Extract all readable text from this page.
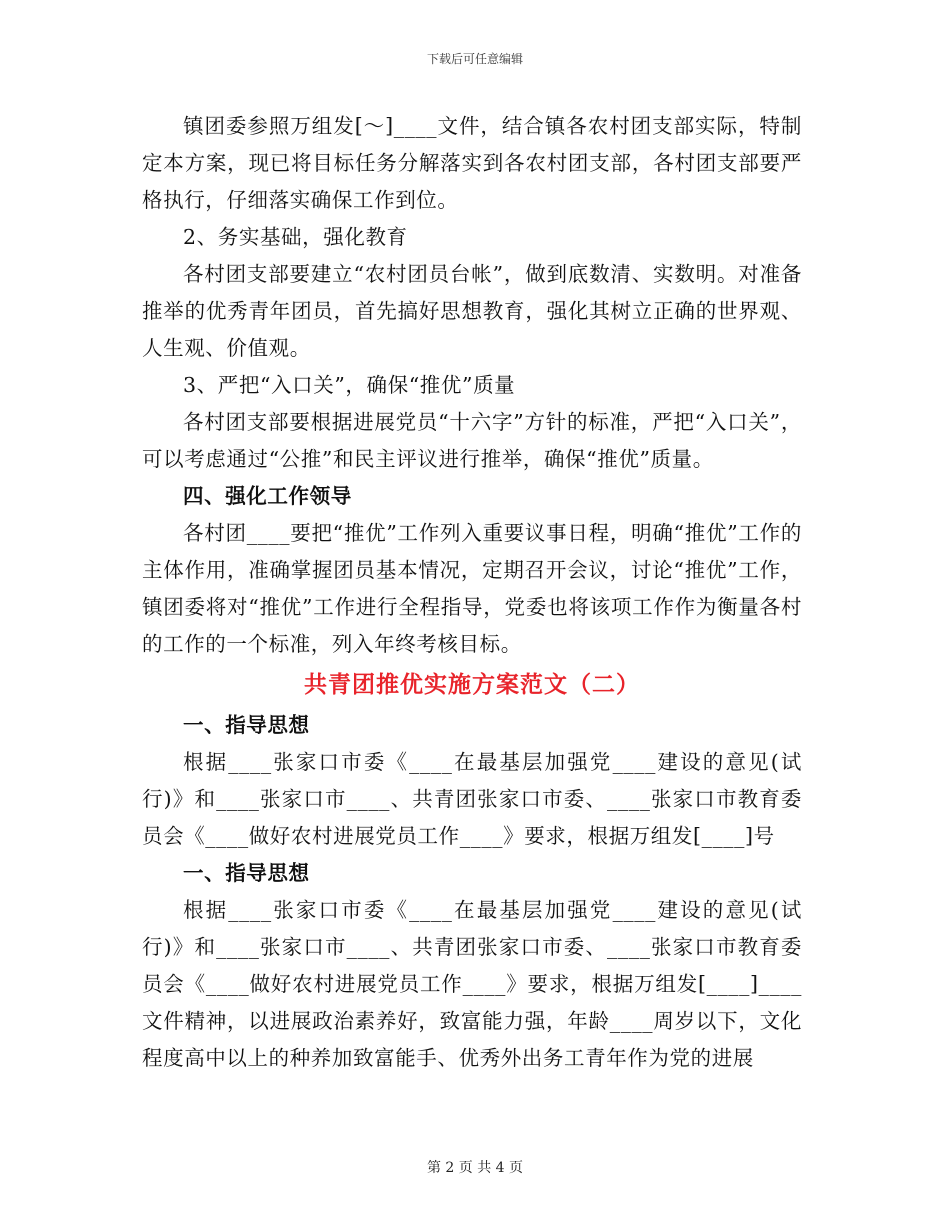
下载后可任意编辑

镇团委参照万组发[～]____文件，结合镇各农村团支部实际，特制定本方案，现已将目标任务分解落实到各农村团支部，各村团支部要严格执行，仔细落实确保工作到位。

2、务实基础，强化教育

各村团支部要建立“农村团员台帐”，做到底数清、实数明。对准备推举的优秀青年团员，首先搞好思想教育，强化其树立正确的世界观、人生观、价值观。

3、严把“入口关”，确保“推优”质量

各村团支部要根据进展党员“十六字”方针的标准，严把“入口关”，可以考虑通过“公推”和民主评议进行推举，确保“推优”质量。

四、强化工作领导

各村团____要把“推优”工作列入重要议事日程，明确“推优”工作的主体作用，准确掌握团员基本情况，定期召开会议，讨论“推优”工作，镇团委将对“推优”工作进行全程指导，党委也将该项工作作为衡量各村的工作的一个标准，列入年终考核目标。

共青团推优实施方案范文（二）

一、指导思想

根据____张家口市委《____在最基层加强党____建设的意见(试行)》和____张家口市____、共青团张家口市委、____张家口市教育委员会《____做好农村进展党员工作____》要求，根据万组发[____]号

一、指导思想

根据____张家口市委《____在最基层加强党____建设的意见(试行)》和____张家口市____、共青团张家口市委、____张家口市教育委员会《____做好农村进展党员工作____》要求，根据万组发[____]____文件精神，以进展政治素养好，致富能力强，年龄____周岁以下，文化程度高中以上的种养加致富能手、优秀外出务工青年作为党的进展

第 2 页 共 4 页
